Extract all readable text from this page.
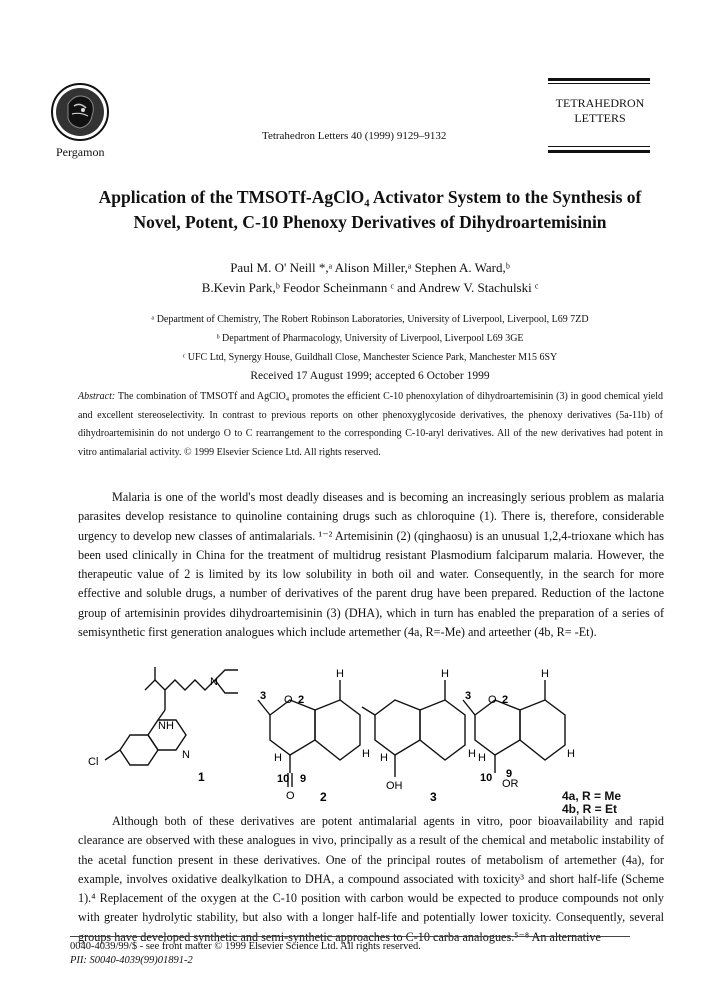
Pergamon
Tetrahedron Letters 40 (1999) 9129–9132
TETRAHEDRON
LETTERS
Application of the TMSOTf-AgClO₄ Activator System to the Synthesis of
Novel, Potent, C-10 Phenoxy Derivatives of Dihydroartemisinin
Paul M. O' Neill *,ᵃ Alison Miller,ᵃ Stephen A. Ward,ᵇ
B.Kevin Park,ᵇ Feodor Scheinmann ᶜ and Andrew V. Stachulski ᶜ
ᵃ Department of Chemistry, The Robert Robinson Laboratories, University of Liverpool, Liverpool, L69 7ZD
ᵇ Department of Pharmacology, University of Liverpool, Liverpool L69 3GE
ᶜ UFC Ltd, Synergy House, Guildhall Close, Manchester Science Park, Manchester M15 6SY
Received 17 August 1999; accepted 6 October 1999
Abstract: The combination of TMSOTf and AgClO₄ promotes the efficient C-10 phenoxylation of dihydroartemisinin (3) in good chemical yield and excellent stereoselectivity. In contrast to previous reports on other phenoxyglycoside derivatives, the phenoxy derivatives (5a-11b) of dihydroartemisinin do not undergo O to C rearrangement to the corresponding C-10-aryl derivatives. All of the new derivatives had potent in vitro antimalarial activity. © 1999 Elsevier Science Ltd. All rights reserved.
Malaria is one of the world's most deadly diseases and is becoming an increasingly serious problem as malaria parasites develop resistance to quinoline containing drugs such as chloroquine (1). There is, therefore, considerable urgency to develop new classes of antimalarials. ¹⁻² Artemisinin (2) (qinghaosu) is an unusual 1,2,4-trioxane which has been used clinically in China for the treatment of multidrug resistant Plasmodium falciparum malaria. However, the therapeutic value of 2 is limited by its low solubility in both oil and water. Consequently, in the search for more effective and soluble drugs, a number of derivatives of the parent drug have been prepared. Reduction of the lactone group of artemisinin provides dihydroartemisinin (3) (DHA), which in turn has enabled the preparation of a series of semisynthetic first generation analogues which include artemether (4a, R=-Me) and arteether (4b, R= -Et).
NH
N
N
Cl
1
3 O 2
H
H	H
10 9
O 2
H
H	H
OH
3
3 O 2
H
H	H
10 9
OR
4a, R = Me
4b, R = Et
Although both of these derivatives are potent antimalarial agents in vitro, poor bioavailability and rapid clearance are observed with these analogues in vivo, principally as a result of the chemical and metabolic instability of the acetal function present in these derivatives. One of the principal routes of metabolism of artemether (4a), for example, involves oxidative dealkylkation to DHA, a compound associated with toxicity³ and short half-life (Scheme 1).⁴ Replacement of the oxygen at the C-10 position with carbon would be expected to produce compounds not only with greater hydrolytic stability, but also with a longer half-life and potentially lower toxicity. Consequently, several groups have developed synthetic and semi-synthetic approaches to C-10 carba analogues.⁵⁻⁸ An alternative
0040-4039/99/$ - see front matter © 1999 Elsevier Science Ltd. All rights reserved.
PII: S0040-4039(99)01891-2
